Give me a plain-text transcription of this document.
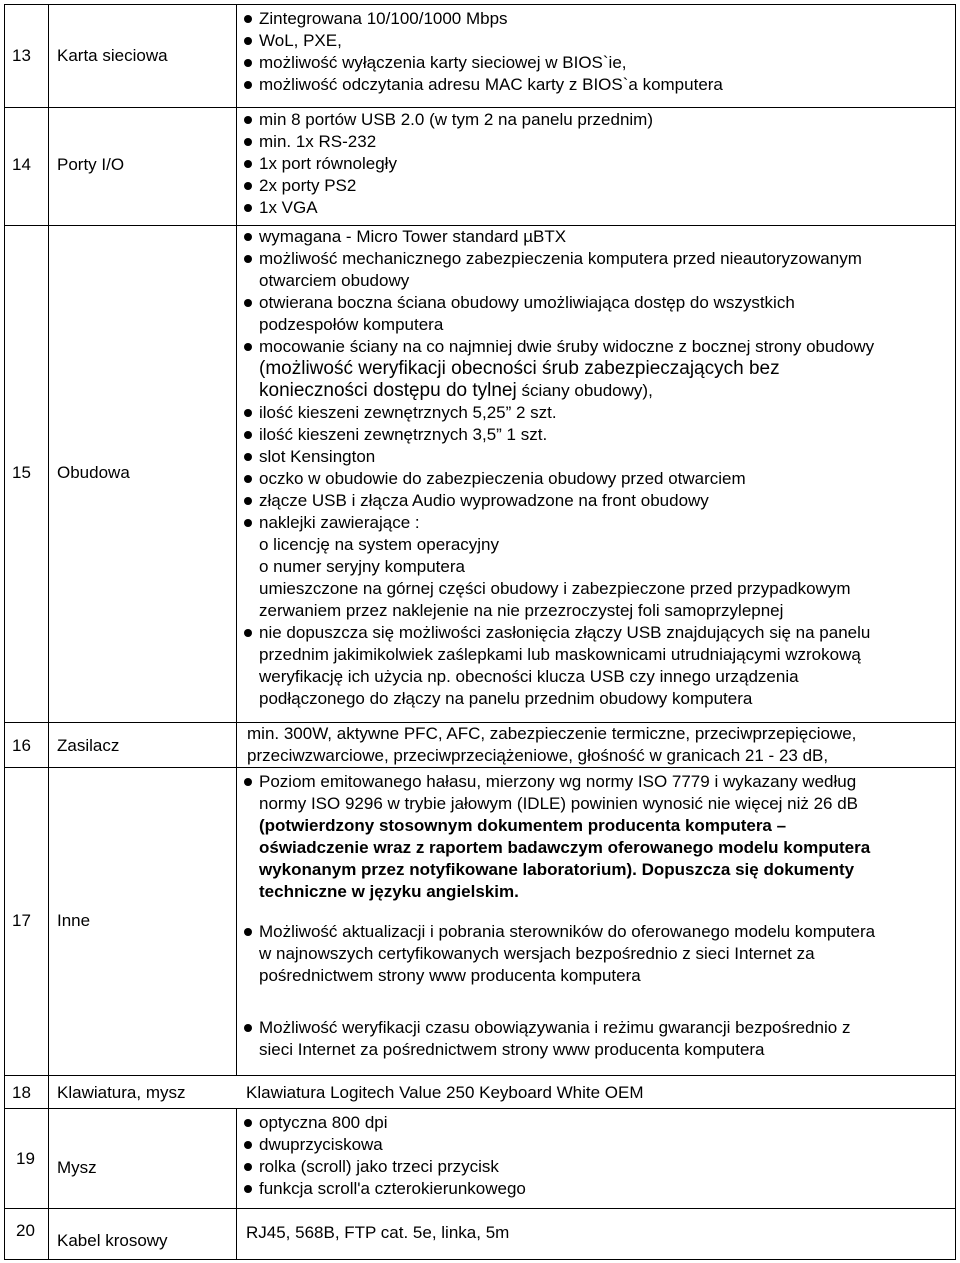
13 Karta sieciowa
Zintegrowana 10/100/1000 Mbps
WoL, PXE,
możliwość wyłączenia karty sieciowej w BIOS`ie,
możliwość odczytania adresu MAC karty z BIOS`a komputera
14 Porty I/O
min 8 portów USB 2.0 (w tym 2 na panelu przednim)
min. 1x RS-232
1x port równoległy
2x porty PS2
1x VGA
15 Obudowa
wymagana - Micro Tower standard µBTX
możliwość mechanicznego zabezpieczenia komputera przed nieautoryzowanym
otwarciem obudowy
otwierana boczna ściana obudowy umożliwiająca dostęp do wszystkich
podzespołów komputera
mocowanie ściany na co najmniej dwie śruby widoczne z bocznej strony obudowy
(możliwość weryfikacji obecności śrub zabezpieczających bez
konieczności dostępu do tylnej ściany obudowy),
ilość kieszeni zewnętrznych 5,25” 2 szt.
ilość kieszeni zewnętrznych 3,5” 1 szt.
slot Kensington
oczko w obudowie do zabezpieczenia obudowy przed otwarciem
złącze USB i złącza Audio wyprowadzone na front obudowy
naklejki zawierające :
o licencję na system operacyjny
o numer seryjny komputera
umieszczone na górnej części obudowy i zabezpieczone przed przypadkowym
zerwaniem przez naklejenie na nie przezroczystej foli samoprzylepnej
nie dopuszcza się możliwości zasłonięcia złączy USB znajdujących się na panelu
przednim jakimikolwiek zaślepkami lub maskownicami utrudniającymi wzrokową
weryfikację ich użycia np. obecności klucza USB czy innego urządzenia
podłączonego do złączy na panelu przednim obudowy komputera
16 Zasilacz
min. 300W, aktywne PFC, AFC, zabezpieczenie termiczne, przeciwprzepięciowe,
przeciwzwarciowe, przeciwprzeciążeniowe, głośność w granicach 21 - 23 dB,
17 Inne
Poziom emitowanego hałasu, mierzony wg normy ISO 7779 i wykazany według
normy ISO 9296 w trybie jałowym (IDLE) powinien wynosić nie więcej niż 26 dB
(potwierdzony stosownym dokumentem producenta komputera –
oświadczenie wraz z raportem badawczym oferowanego modelu komputera
wykonanym przez notyfikowane laboratorium). Dopuszcza się dokumenty
techniczne w języku angielskim.
Możliwość aktualizacji i pobrania sterowników do oferowanego modelu komputera
w najnowszych certyfikowanych wersjach bezpośrednio z sieci Internet za
pośrednictwem strony www producenta komputera
Możliwość weryfikacji czasu obowiązywania i reżimu gwarancji bezpośrednio z
sieci Internet za pośrednictwem strony www producenta komputera
18 Klawiatura, mysz	Klawiatura Logitech Value 250 Keyboard White OEM
19 Mysz
optyczna 800 dpi
dwuprzyciskowa
rolka (scroll) jako trzeci przycisk
funkcja scroll'a czterokierunkowego
20
Kabel krosowy	RJ45, 568B, FTP cat. 5e, linka, 5m
